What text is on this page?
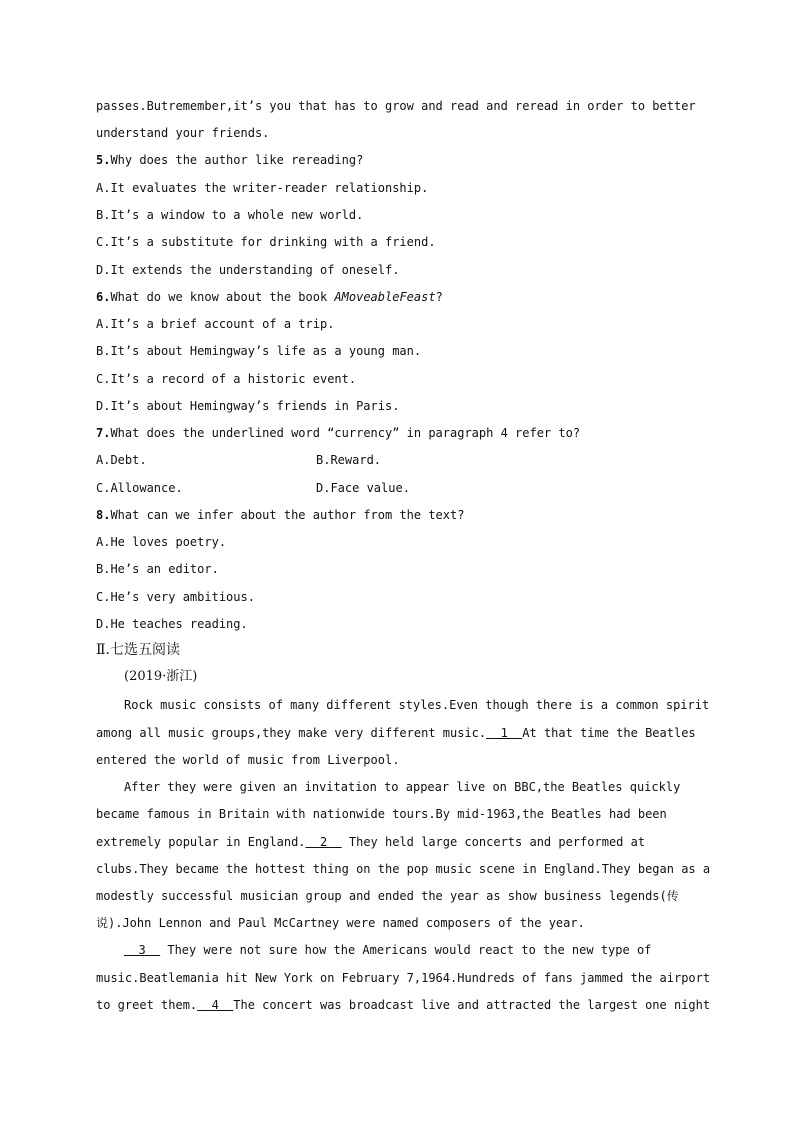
passes.Butremember,it’s you that has to grow and read and reread in order to better
understand your friends.
5.Why does the author like rereading?
A.It evaluates the writer-reader relationship.
B.It’s a window to a whole new world.
C.It’s a substitute for drinking with a friend.
D.It extends the understanding of oneself.
6.What do we know about the book AMoveableFeast?
A.It’s a brief account of a trip.
B.It’s about Hemingway’s life as a young man.
C.It’s a record of a historic event.
D.It’s about Hemingway’s friends in Paris.
7.What does the underlined word “currency” in paragraph 4 refer to?
A.Debt.	B.Reward.
C.Allowance.	D.Face value.
8.What can we infer about the author from the text?
A.He loves poetry.
B.He’s an editor.
C.He’s very ambitious.
D.He teaches reading.
Ⅱ.七选五阅读
(2019·浙江)
Rock music consists of many different styles.Even though there is a common spirit
among all music groups,they make very different music.  1  At that time the Beatles
entered the world of music from Liverpool.
After they were given an invitation to appear live on BBC,the Beatles quickly
became famous in Britain with nationwide tours.By mid-1963,the Beatles had been
extremely popular in England.  2   They held large concerts and performed at
clubs.They became the hottest thing on the pop music scene in England.They began as a
modestly successful musician group and ended the year as show business legends(传
说).John Lennon and Paul McCartney were named composers of the year.
3   They were not sure how the Americans would react to the new type of
music.Beatlemania hit New York on February 7,1964.Hundreds of fans jammed the airport
to greet them.  4  The concert was broadcast live and attracted the largest one night
